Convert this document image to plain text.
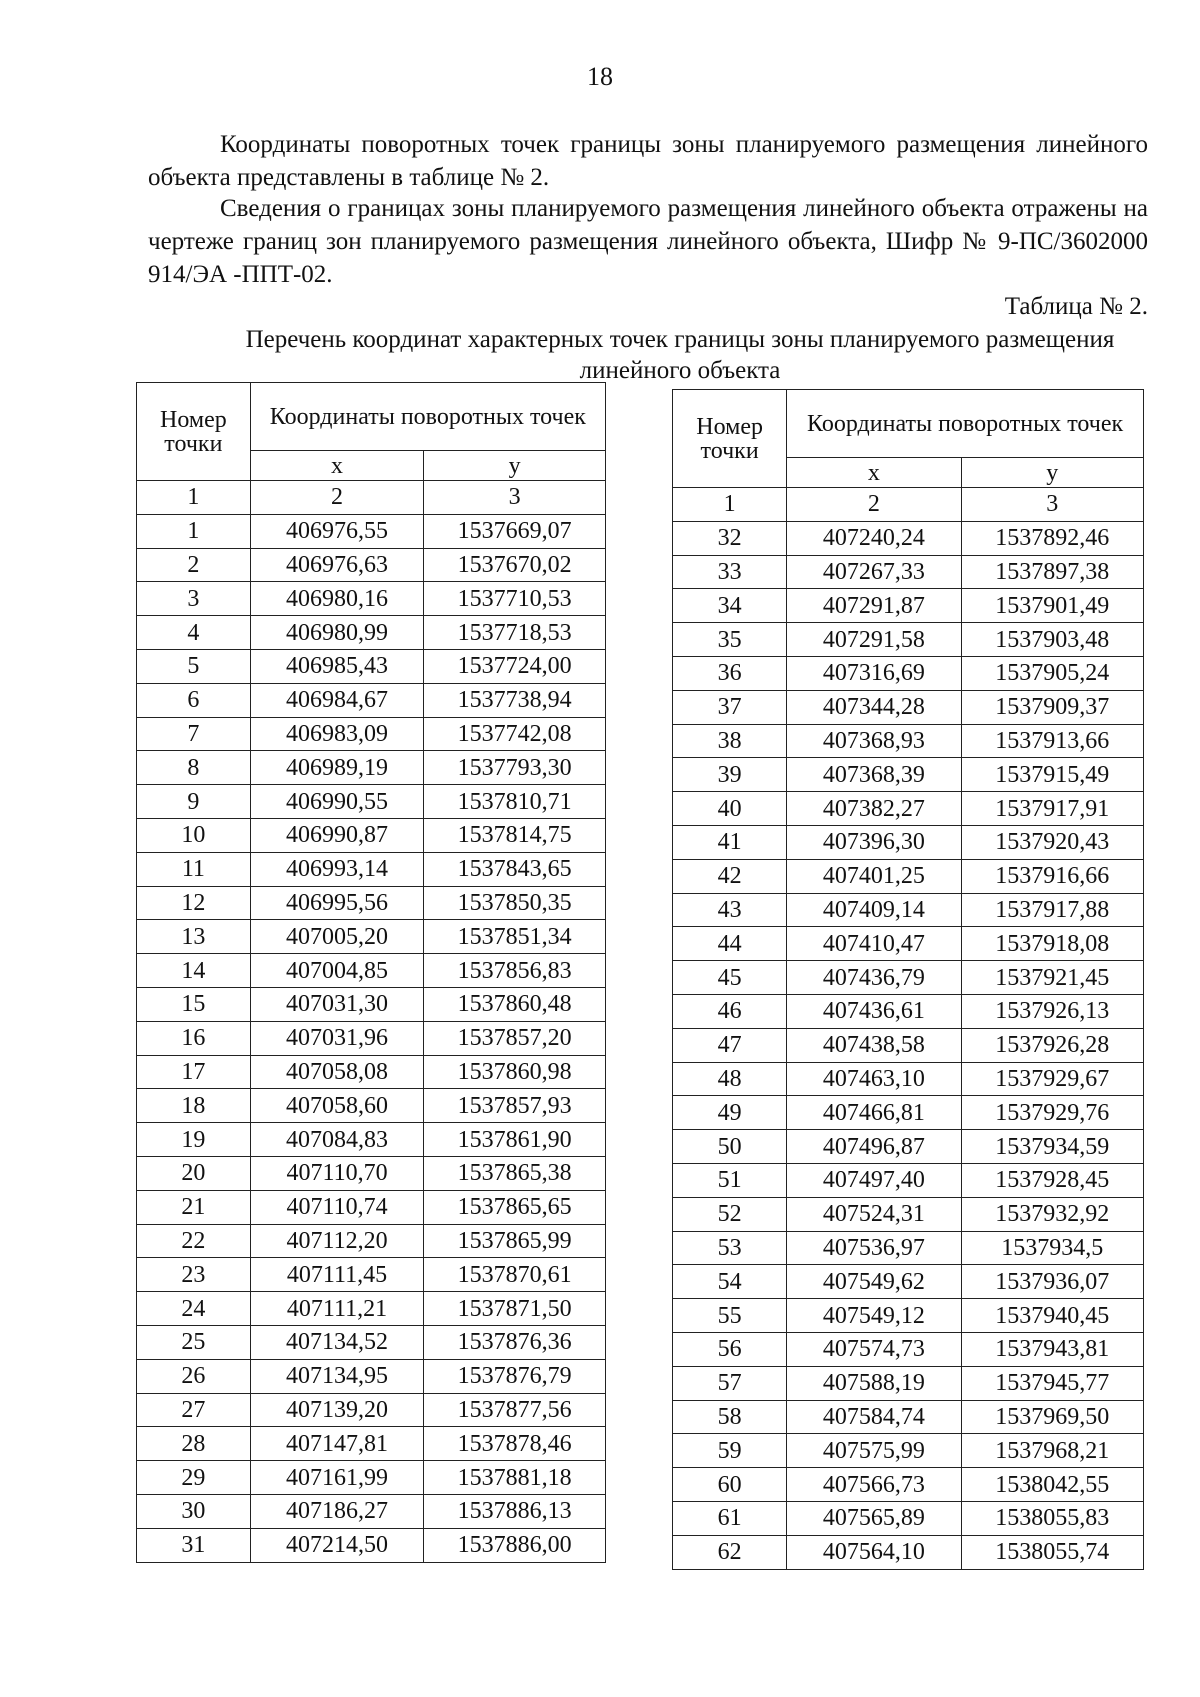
18

Координаты поворотных точек границы зоны планируемого размещения линейного объекта представлены в таблице № 2.

Сведения о границах зоны планируемого размещения линейного объекта отражены на чертеже границ зон планируемого размещения линейного объекта, Шифр № 9-ПС/3602000 914/ЭА -ППТ-02.

Таблица № 2.

Перечень координат характерных точек границы зоны планируемого размещения линейного объекта

Номер точки	Координаты поворотных точек	
	x	y
1	2	3
1	406976,55	1537669,07
2	406976,63	1537670,02
3	406980,16	1537710,53
4	406980,99	1537718,53
5	406985,43	1537724,00
6	406984,67	1537738,94
7	406983,09	1537742,08
8	406989,19	1537793,30
9	406990,55	1537810,71
10	406990,87	1537814,75
11	406993,14	1537843,65
12	406995,56	1537850,35
13	407005,20	1537851,34
14	407004,85	1537856,83
15	407031,30	1537860,48
16	407031,96	1537857,20
17	407058,08	1537860,98
18	407058,60	1537857,93
19	407084,83	1537861,90
20	407110,70	1537865,38
21	407110,74	1537865,65
22	407112,20	1537865,99
23	407111,45	1537870,61
24	407111,21	1537871,50
25	407134,52	1537876,36
26	407134,95	1537876,79
27	407139,20	1537877,56
28	407147,81	1537878,46
29	407161,99	1537881,18
30	407186,27	1537886,13
31	407214,50	1537886,00
Номер точки	Координаты поворотных точек	
	x	y
1	2	3
32	407240,24	1537892,46
33	407267,33	1537897,38
34	407291,87	1537901,49
35	407291,58	1537903,48
36	407316,69	1537905,24
37	407344,28	1537909,37
38	407368,93	1537913,66
39	407368,39	1537915,49
40	407382,27	1537917,91
41	407396,30	1537920,43
42	407401,25	1537916,66
43	407409,14	1537917,88
44	407410,47	1537918,08
45	407436,79	1537921,45
46	407436,61	1537926,13
47	407438,58	1537926,28
48	407463,10	1537929,67
49	407466,81	1537929,76
50	407496,87	1537934,59
51	407497,40	1537928,45
52	407524,31	1537932,92
53	407536,97	1537934,5
54	407549,62	1537936,07
55	407549,12	1537940,45
56	407574,73	1537943,81
57	407588,19	1537945,77
58	407584,74	1537969,50
59	407575,99	1537968,21
60	407566,73	1538042,55
61	407565,89	1538055,83
62	407564,10	1538055,74
